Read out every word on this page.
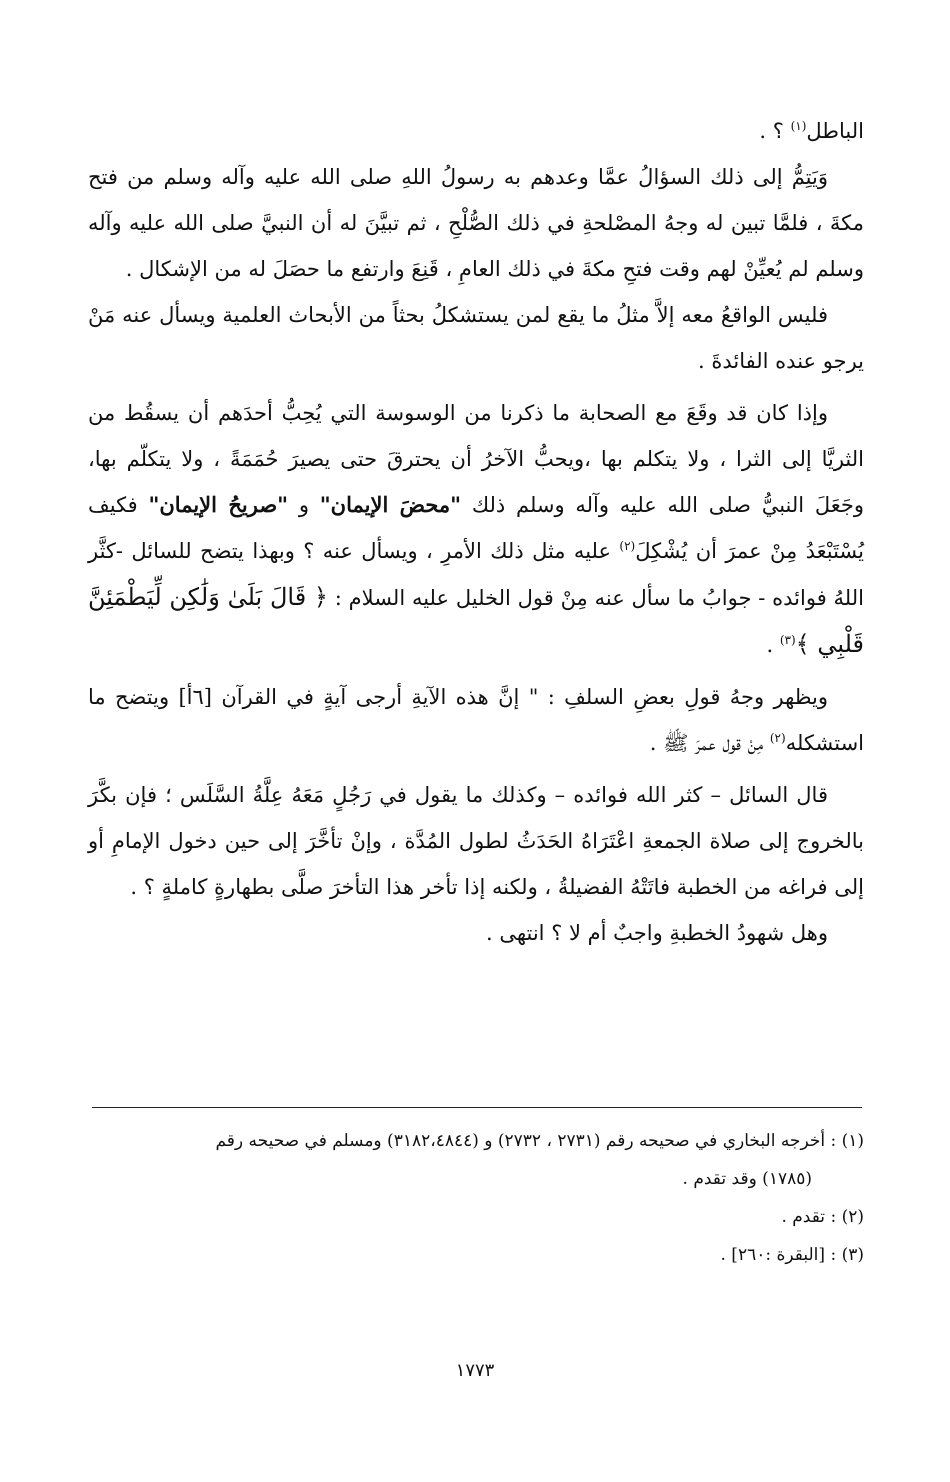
الباطل$^{(١)}$ ؟ .

وَيَتِمُّ إلى ذلك السؤالُ عمَّا وعدهم به رسولُ اللهِ صلى الله عليه وآله وسلم من فتح مكةَ ، فلمَّا تبين له وجهُ المصْلحةِ في ذلك الصُّلْحِ ، ثم تبيَّنَ له أن النبيَّ صلى الله عليه وآله وسلم لم يُعيِّنْ لهم وقت فتحِ مكةَ في ذلك العامِ ، قَنِعَ وارتفع ما حصَلَ له من الإشكال .

فليس الواقعُ معه إلاَّ مثلُ ما يقع لمن يستشكلُ بحثاً من الأبحاث العلمية ويسأل عنه مَنْ يرجو عنده الفائدةَ .

وإذا كان قد وقَعَ مع الصحابة ما ذكرنا من الوسوسة التي يُحِبُّ أحدَهم أن يسقُط من الثريَّا إلى الثرا ، ولا يتكلم بها ،ويحبُّ الآخرُ أن يحترقَ حتى يصيرَ حُمَمَةً ، ولا يتكلّم بها، وجَعَلَ النبيُّ صلى الله عليه وآله وسلم ذلك "محضَ الإيمان" و "صريحُ الإيمان" فكيف يُسْتَبْعَدُ مِنْ عمرَ أن يُشْكِلَ$^{(٢)}$ عليه مثل ذلك الأمرِ ، ويسأل عنه ؟ وبهذا يتضح للسائل -كثَّر اللهُ فوائده - جوابُ ما سأل عنه مِنْ قول الخليل عليه السلام : ﴿ قَالَ بَلَىٰ وَلَٰكِن لِّيَطْمَئِنَّ قَلْبِي ﴾$^{(٣)}$ .

ويظهر وجهُ قولِ بعضِ السلفِ : " إنَّ هذه الآيةِ أرجى آيةٍ في القرآن [٦أ] ويتضح ما استشكله$^{(٢)}$ مِنْ قول عمرَ ﷺ .

قال السائل – كثر الله فوائده – وكذلك ما يقول في رَجُلٍ مَعَهُ عِلَّةُ السَّلَس ؛ فإن بكَّرَ بالخروج إلى صلاة الجمعةِ اعْتَرَاهُ الحَدَثُ لطول المُدَّة ، وإنْ تأخَّرَ إلى حين دخول الإمامِ أو إلى فراغه من الخطبة فاتَتْهُ الفضيلةُ ، ولكنه إذا تأخر هذا التأخرَ صلَّى بطهارةٍ كاملةٍ ؟ .

وهل شهودُ الخطبةِ واجبٌ أم لا ؟ انتهى .

(١) : أخرجه البخاري في صحيحه رقم (٢٧٣١ ، ٢٧٣٢) و (٣١٨٢،٤٨٤٤) ومسلم في صحيحه رقم

(١٧٨٥) وقد تقدم .

(٢) : تقدم .

(٣) : [البقرة :٢٦٠] .

١٧٧٣
